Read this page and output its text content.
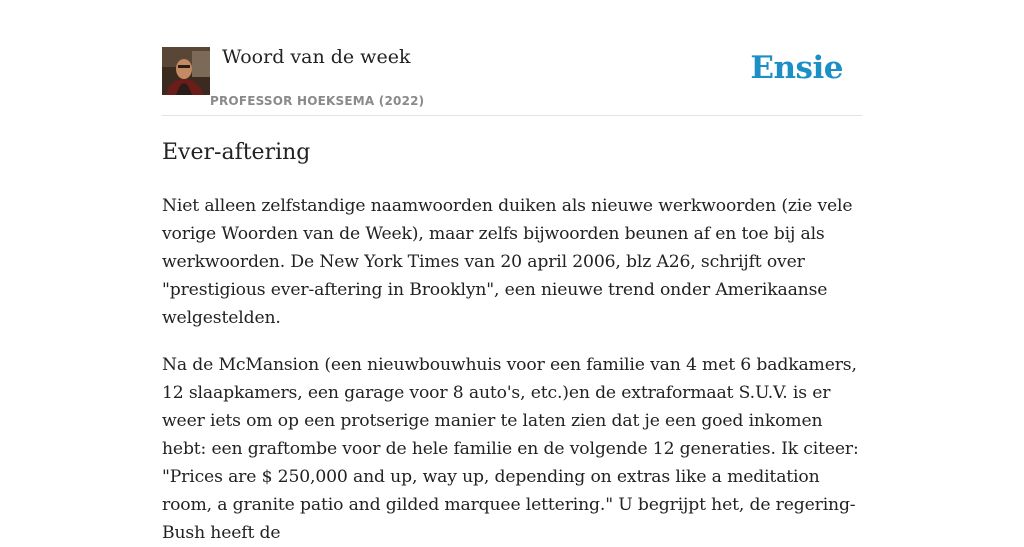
Woord van de week
PROFESSOR HOEKSEMA (2022)
Ensie
Ever-aftering

Niet alleen zelfstandige naamwoorden duiken als nieuwe werkwoorden (zie vele vorige Woorden van de Week), maar zelfs bijwoorden beunen af en toe bij als werkwoorden. De New York Times van 20 april 2006, blz A26, schrijft over "prestigious ever-aftering in Brooklyn", een nieuwe trend onder Amerikaanse welgestelden.

Na de McMansion (een nieuwbouwhuis voor een familie van 4 met 6 badkamers, 12 slaapkamers, een garage voor 8 auto's, etc.)en de extraformaat S.U.V. is er weer iets om op een protserige manier te laten zien dat je een goed inkomen hebt: een graftombe voor de hele familie en de volgende 12 generaties. Ik citeer: "Prices are $ 250,000 and up, way up, depending on extras like a meditation room, a granite patio and gilded marquee lettering." U begrijpt het, de regering-Bush heeft de
